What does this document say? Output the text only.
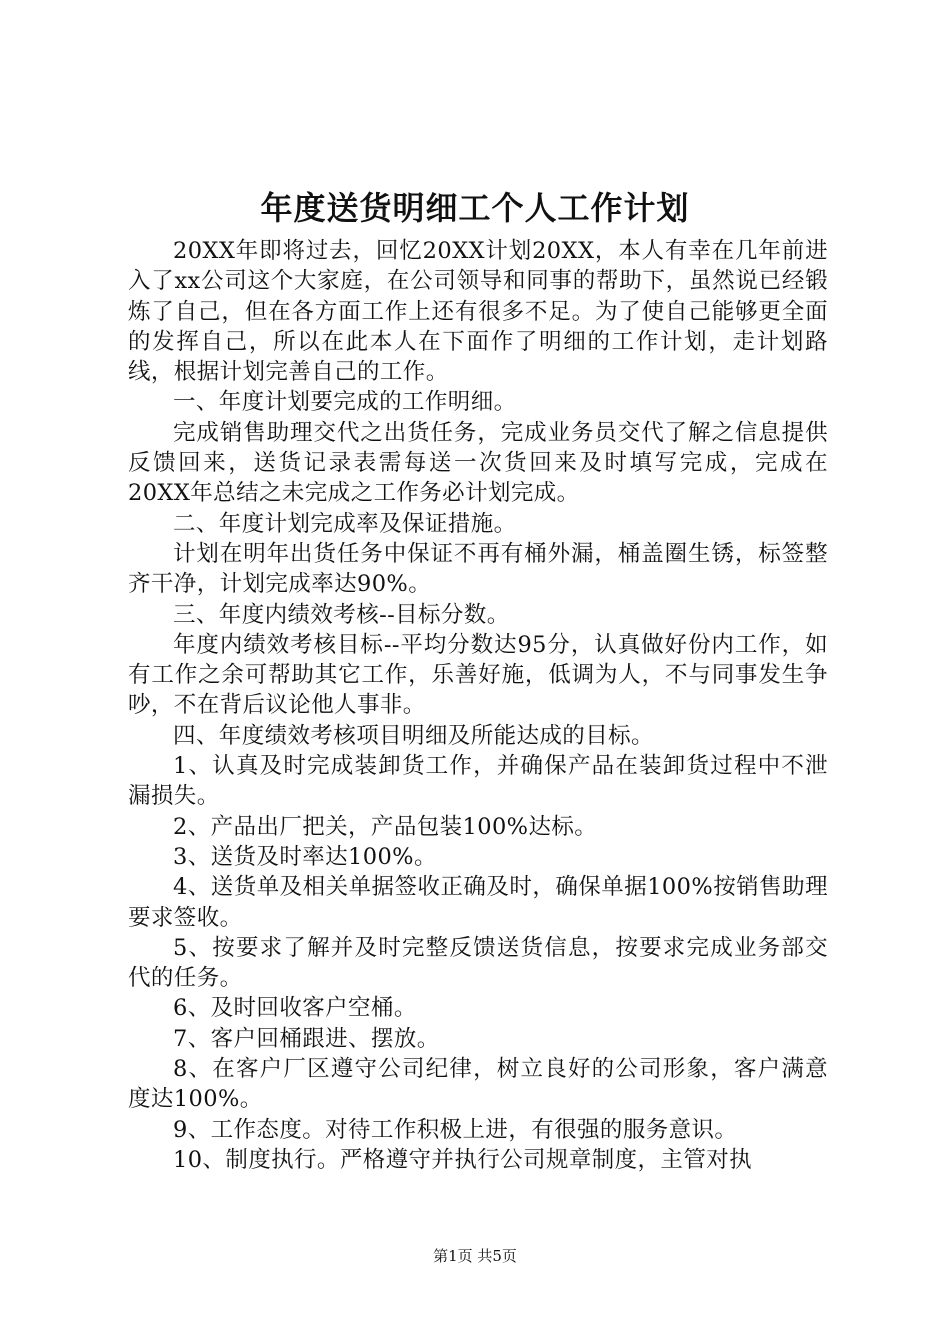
年度送货明细工个人工作计划

20XX年即将过去，回忆20XX计划20XX，本人有幸在几年前进入了xx公司这个大家庭，在公司领导和同事的帮助下，虽然说已经锻炼了自己，但在各方面工作上还有很多不足。为了使自己能够更全面的发挥自己，所以在此本人在下面作了明细的工作计划，走计划路线，根据计划完善自己的工作。

一、年度计划要完成的工作明细。

完成销售助理交代之出货任务，完成业务员交代了解之信息提供反馈回来，送货记录表需每送一次货回来及时填写完成，完成在20XX年总结之未完成之工作务必计划完成。

二、年度计划完成率及保证措施。

计划在明年出货任务中保证不再有桶外漏，桶盖圈生锈，标签整齐干净，计划完成率达90%。

三、年度内绩效考核--目标分数。

年度内绩效考核目标--平均分数达95分，认真做好份内工作，如有工作之余可帮助其它工作，乐善好施，低调为人，不与同事发生争吵，不在背后议论他人事非。

四、年度绩效考核项目明细及所能达成的目标。

1、认真及时完成装卸货工作，并确保产品在装卸货过程中不泄漏损失。

2、产品出厂把关，产品包装100%达标。

3、送货及时率达100%。

4、送货单及相关单据签收正确及时，确保单据100%按销售助理要求签收。

5、按要求了解并及时完整反馈送货信息，按要求完成业务部交代的任务。

6、及时回收客户空桶。

7、客户回桶跟进、摆放。

8、在客户厂区遵守公司纪律，树立良好的公司形象，客户满意度达100%。

9、工作态度。对待工作积极上进，有很强的服务意识。

10、制度执行。严格遵守并执行公司规章制度，主管对执

第1页 共5页
